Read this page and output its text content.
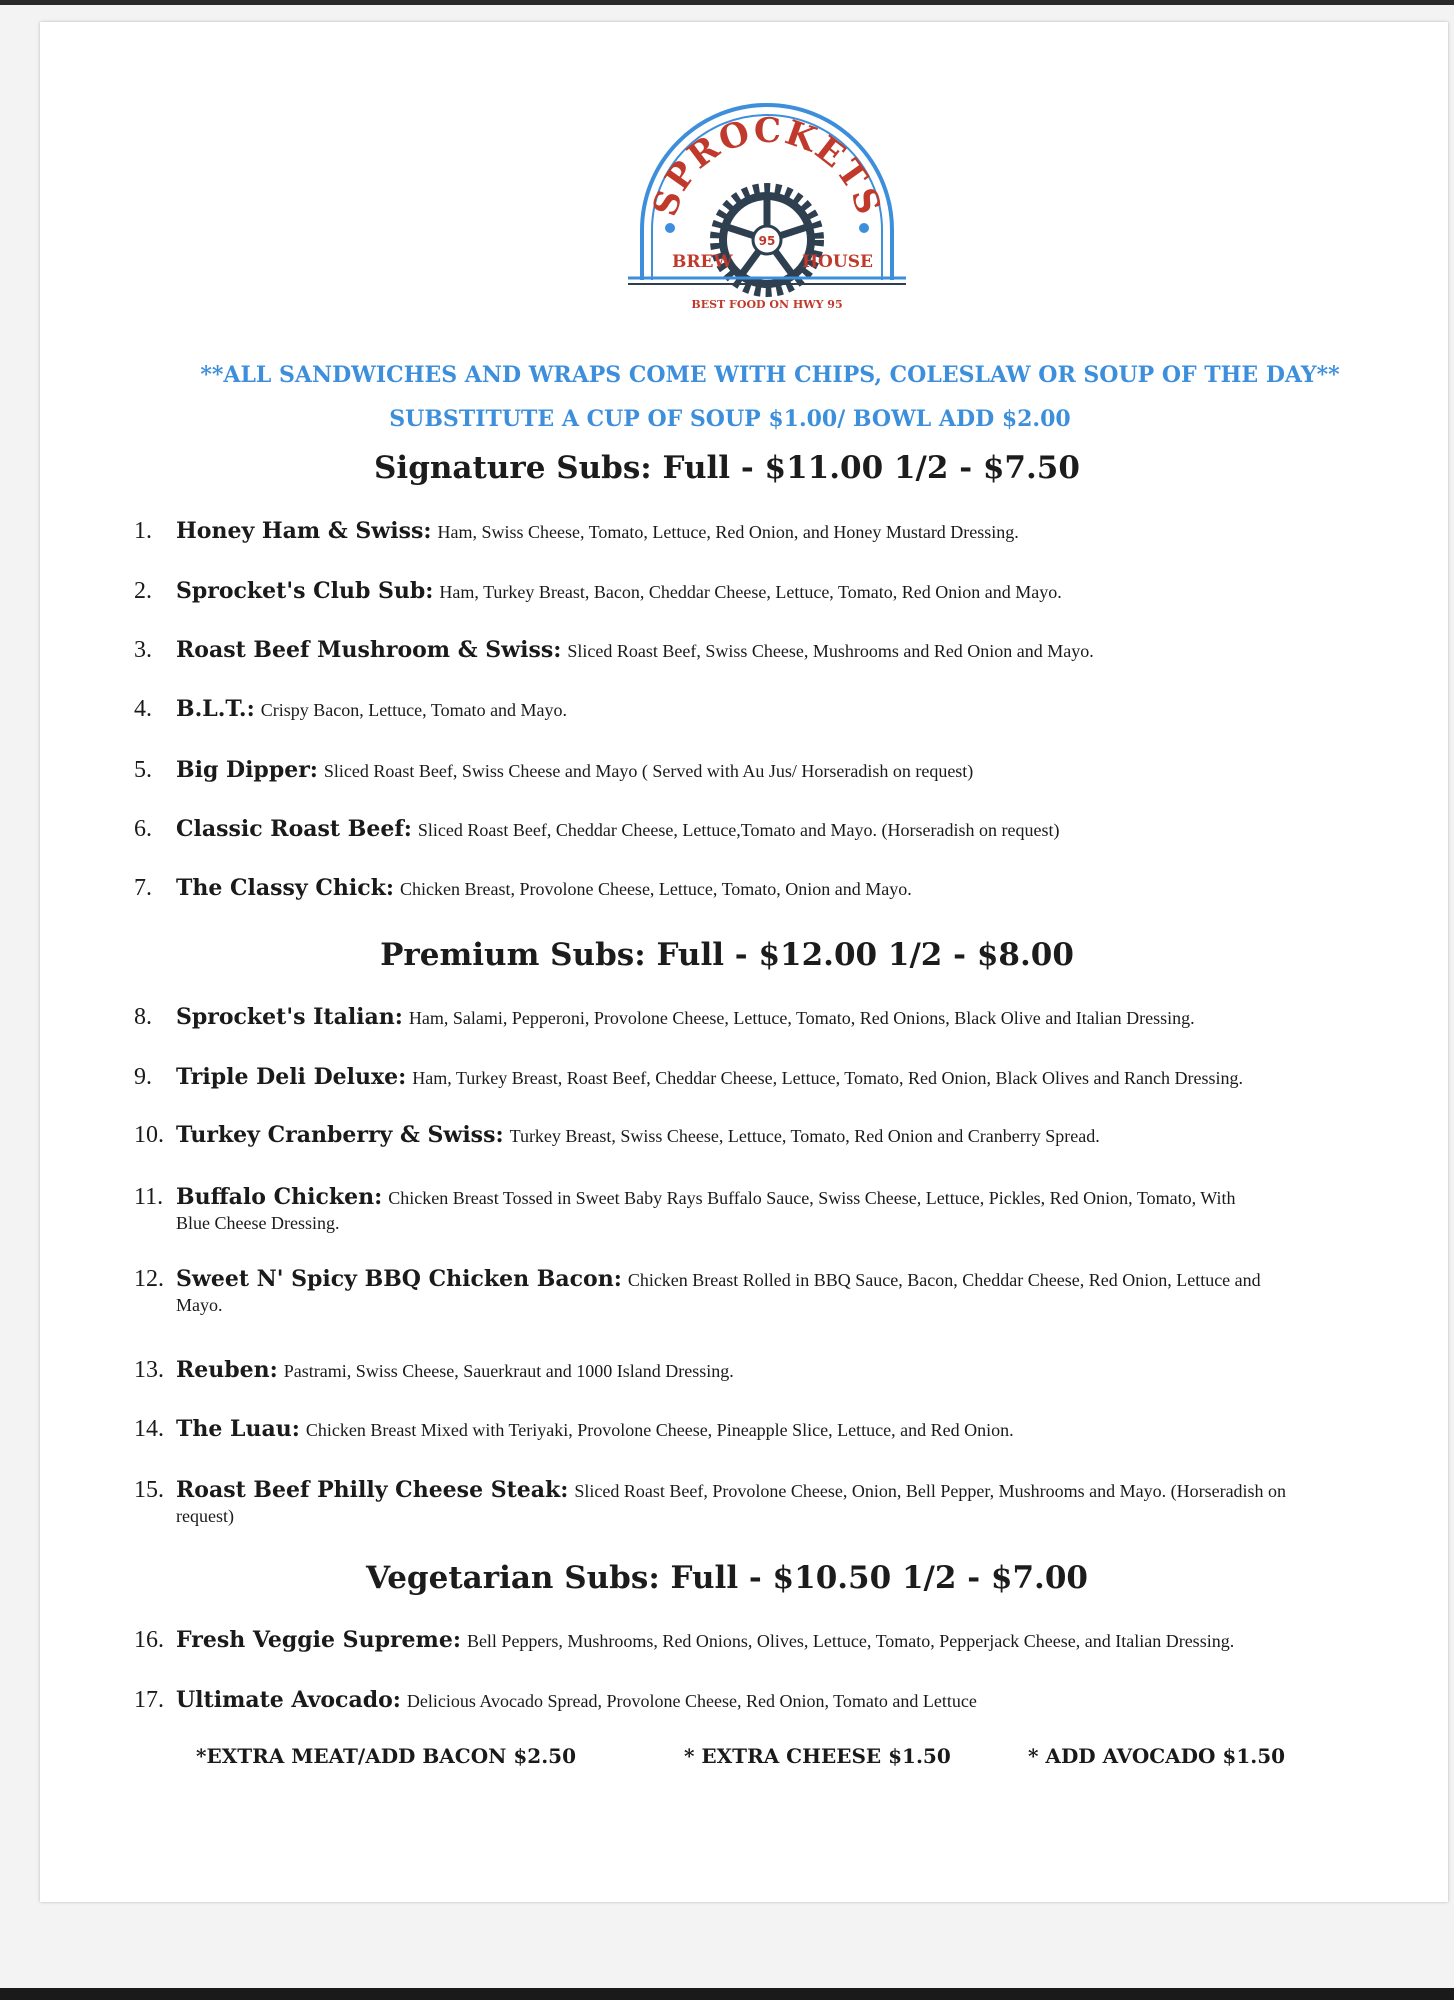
SPROCKETS
95
BREW	HOUSE
BEST FOOD ON HWY 95
**ALL SANDWICHES AND WRAPS COME WITH CHIPS, COLESLAW OR SOUP OF THE DAY**
SUBSTITUTE A CUP OF SOUP $1.00/ BOWL ADD $2.00
Signature Subs: Full - $11.00 1/2 - $7.50
Premium Subs: Full - $12.00 1/2 - $8.00
Vegetarian Subs: Full - $10.50 1/2 - $7.00
1. Honey Ham & Swiss: Ham, Swiss Cheese, Tomato, Lettuce, Red Onion, and Honey Mustard Dressing.
2. Sprocket's Club Sub: Ham, Turkey Breast, Bacon, Cheddar Cheese, Lettuce, Tomato, Red Onion and Mayo.
3. Roast Beef Mushroom & Swiss: Sliced Roast Beef, Swiss Cheese, Mushrooms and Red Onion and Mayo.
4. B.L.T.: Crispy Bacon, Lettuce, Tomato and Mayo.
5. Big Dipper: Sliced Roast Beef, Swiss Cheese and Mayo ( Served with Au Jus/ Horseradish on request)
6. Classic Roast Beef: Sliced Roast Beef, Cheddar Cheese, Lettuce,Tomato and Mayo. (Horseradish on request)
7. The Classy Chick: Chicken Breast, Provolone Cheese, Lettuce, Tomato, Onion and Mayo.
8. Sprocket's Italian: Ham, Salami, Pepperoni, Provolone Cheese, Lettuce, Tomato, Red Onions, Black Olive and Italian Dressing.
9. Triple Deli Deluxe: Ham, Turkey Breast, Roast Beef, Cheddar Cheese, Lettuce, Tomato, Red Onion, Black Olives and Ranch Dressing.
10. Turkey Cranberry & Swiss: Turkey Breast, Swiss Cheese, Lettuce, Tomato, Red Onion and Cranberry Spread.
11. Buffalo Chicken: Chicken Breast Tossed in Sweet Baby Rays Buffalo Sauce, Swiss Cheese, Lettuce, Pickles, Red Onion, Tomato, With
Blue Cheese Dressing.
12. Sweet N' Spicy BBQ Chicken Bacon: Chicken Breast Rolled in BBQ Sauce, Bacon, Cheddar Cheese, Red Onion, Lettuce and
Mayo.
13. Reuben: Pastrami, Swiss Cheese, Sauerkraut and 1000 Island Dressing.
14. The Luau: Chicken Breast Mixed with Teriyaki, Provolone Cheese, Pineapple Slice, Lettuce, and Red Onion.
15. Roast Beef Philly Cheese Steak: Sliced Roast Beef, Provolone Cheese, Onion, Bell Pepper, Mushrooms and Mayo. (Horseradish on
request)
16. Fresh Veggie Supreme: Bell Peppers, Mushrooms, Red Onions, Olives, Lettuce, Tomato, Pepperjack Cheese, and Italian Dressing.
17. Ultimate Avocado: Delicious Avocado Spread, Provolone Cheese, Red Onion, Tomato and Lettuce
*EXTRA MEAT/ADD BACON $2.50	* EXTRA CHEESE $1.50	* ADD AVOCADO $1.50
